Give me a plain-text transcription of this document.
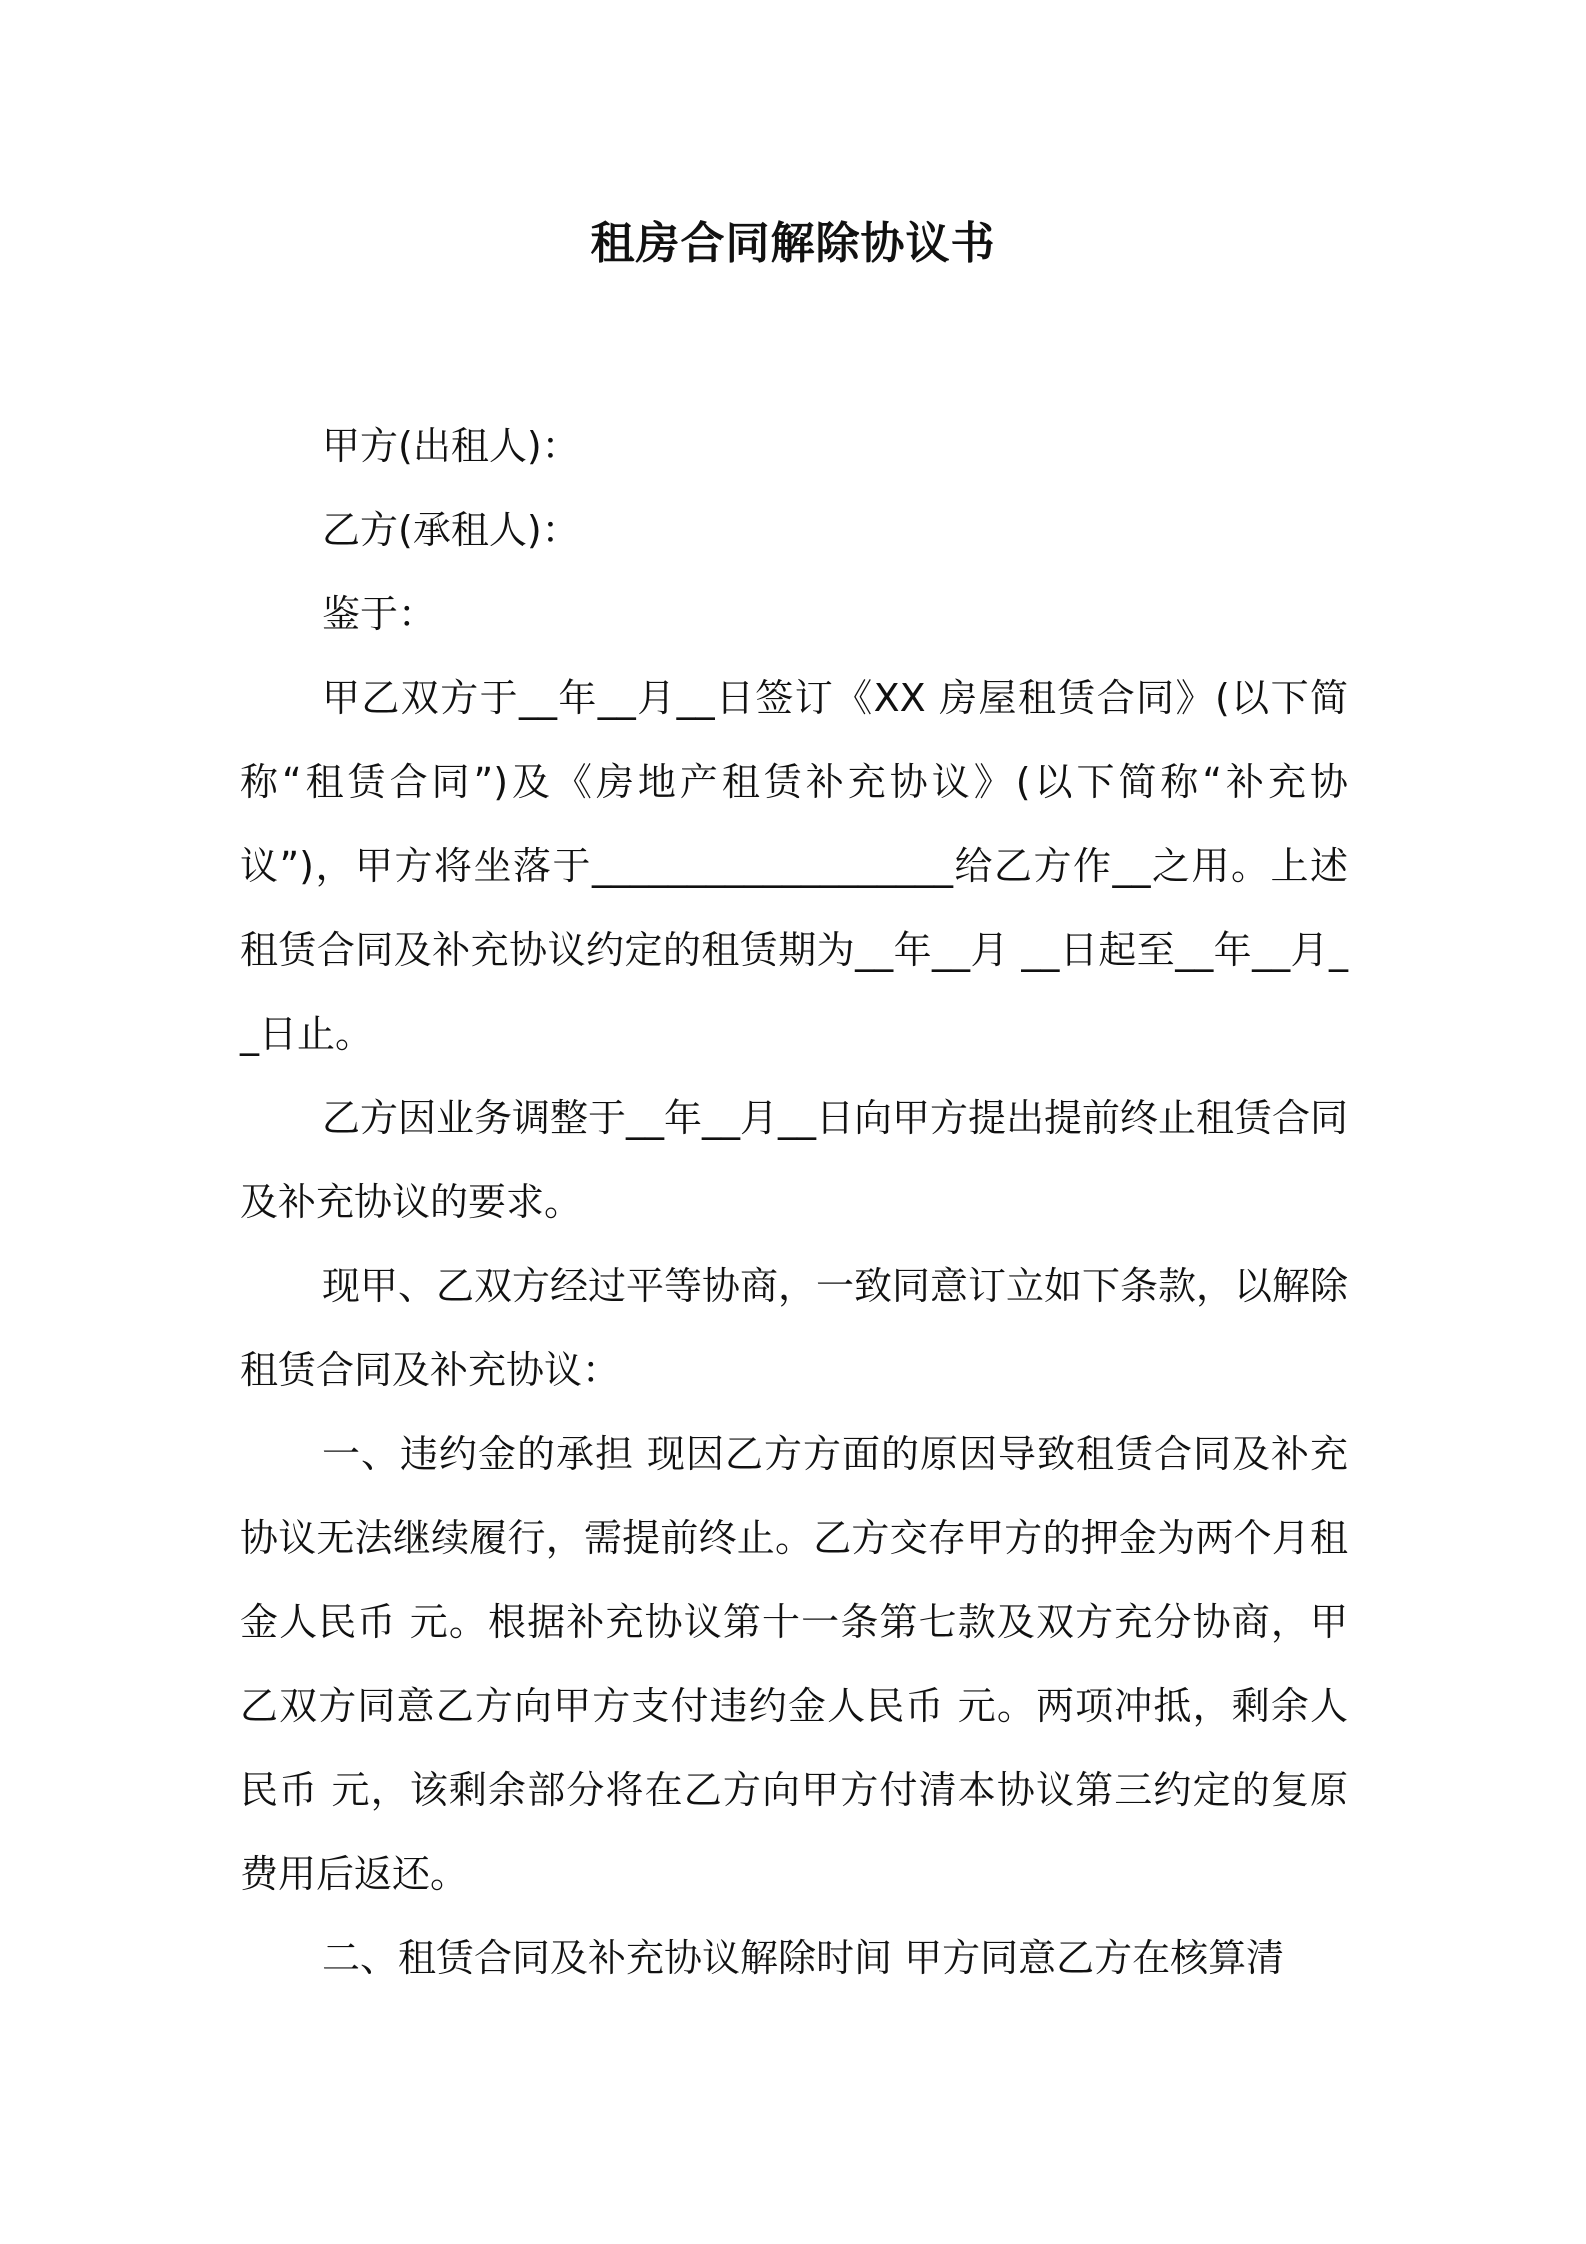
租房合同解除协议书

甲方(出租人)：

乙方(承租人)：

鉴于：

甲乙双方于__年__月__日签订《XX 房屋租赁合同》(以下简称“租赁合同”)及《房地产租赁补充协议》(以下简称“补充协议”)，甲方将坐落于___________________给乙方作__之用。上述租赁合同及补充协议约定的租赁期为__年__月 __日起至__年__月__日止。

乙方因业务调整于__年__月__日向甲方提出提前终止租赁合同及补充协议的要求。

现甲、乙双方经过平等协商，一致同意订立如下条款，以解除租赁合同及补充协议：

一、违约金的承担 现因乙方方面的原因导致租赁合同及补充协议无法继续履行，需提前终止。乙方交存甲方的押金为两个月租金人民币 元。根据补充协议第十一条第七款及双方充分协商，甲乙双方同意乙方向甲方支付违约金人民币 元。两项冲抵，剩余人民币 元，该剩余部分将在乙方向甲方付清本协议第三约定的复原费用后返还。

二、租赁合同及补充协议解除时间 甲方同意乙方在核算清
